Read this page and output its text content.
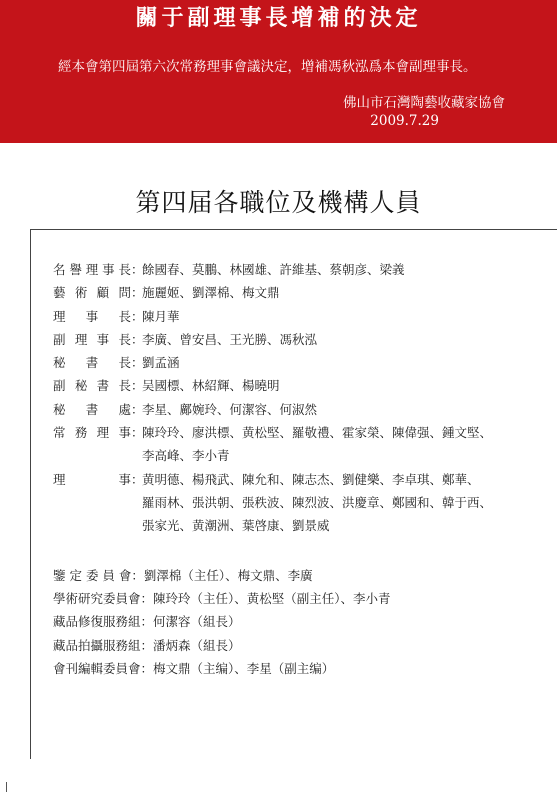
關于副理事長增補的決定
經本會第四屆第六次常務理事會議決定，增補馮秋泓爲本會副理事長。
佛山市石灣陶藝收藏家協會
2009.7.29
第四届各職位及機構人員
名譽理事長 ：
餘國春、莫鵬、林國雄、許維基、蔡朝彦、梁義
藝術顧問 ：
施麗姬、劉澤棉、梅文鼎
理事長 ：
陳月華
副理事長 ：
李廣、曾安昌、王光勝、馮秋泓
秘書長 ：
劉孟涵
副秘書長 ：
吴國標、林紹輝、楊曉明
秘書處 ：
李星、鄺婉玲、何潔容、何淑然
常務理事 ：
陳玲玲、廖洪標、黄松堅、羅敬禮、霍家榮、陳偉强、鍾文堅、
李高峰、李小青
理事 ：
黄明德、楊飛武、陳允和、陳志杰、劉健樂、李卓琪、鄭華、
羅雨林、張洪朝、張秩波、陳烈波、洪慶章、鄭國和、韓于西、
張家光、黄潮洲、葉啓康、劉景威
鑒 定 委 員 會：劉澤棉（主任）、梅文鼎、李廣
學術研究委員會：陳玲玲（主任）、黄松堅（副主任）、李小青
藏品修復服務組：何潔容（組長）
藏品拍攝服務組：潘炳森（組長）
會刊編輯委員會：梅文鼎（主编）、李星（副主编）
